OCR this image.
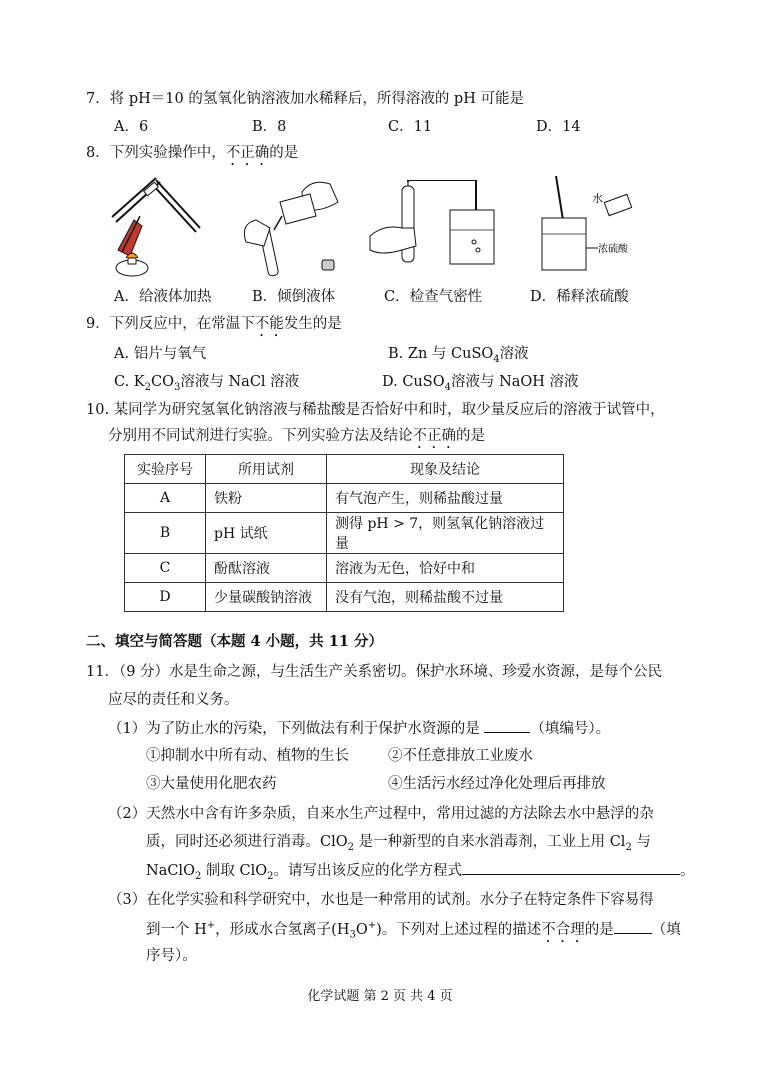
7．将 pH＝10 的氢氧化钠溶液加水稀释后，所得溶液的 pH 可能是
A．6	B．8	C．11	D．14
8．下列实验操作中，不正确的是
水
浓硫酸
A．给液体加热	B．倾倒液体	C．检查气密性	D．稀释浓硫酸
9．下列反应中，在常温下不能发生的是
A. 铝片与氧气	B. Zn 与 CuSO$_4$溶液
C. $K_2CO_3$溶液与 NaCl 溶液	D. CuSO$_4$溶液与 NaOH 溶液
10. 某同学为研究氢氧化钠溶液与稀盐酸是否恰好中和时，取少量反应后的溶液于试管中，
分别用不同试剂进行实验。下列实验方法及结论不正确的是
实验序号	所用试剂	现象及结论
A	铁粉	有气泡产生，则稀盐酸过量
B	pH 试纸	测得 pH > 7，则氢氧化钠溶液过量
C	酚酞溶液	溶液为无色，恰好中和
D	少量碳酸钠溶液	没有气泡，则稀盐酸不过量
二、填空与简答题（本题 4 小题，共 11 分）
11．（9 分）水是生命之源，与生活生产关系密切。保护水环境、珍爱水资源，是每个公民
应尽的责任和义务。
（1）为了防止水的污染，下列做法有利于保护水资源的是	（填编号）。
①抑制水中所有动、植物的生长	②不任意排放工业废水
③大量使用化肥农药	④生活污水经过净化处理后再排放
（2）天然水中含有许多杂质，自来水生产过程中，常用过滤的方法除去水中悬浮的杂
质，同时还必须进行消毒。ClO$_2$ 是一种新型的自来水消毒剂，工业上用 $Cl_2$ 与
NaClO$_2$ 制取 ClO$_2$。请写出该反应的化学方程式	。
（3）在化学实验和科学研究中，水也是一种常用的试剂。水分子在特定条件下容易得
到一个 H+，形成水合氢离子$(H_3O^+)$。下列对上述过程的描述不合理的是	（填
序号）。
化学试题 第 2 页 共 4 页
